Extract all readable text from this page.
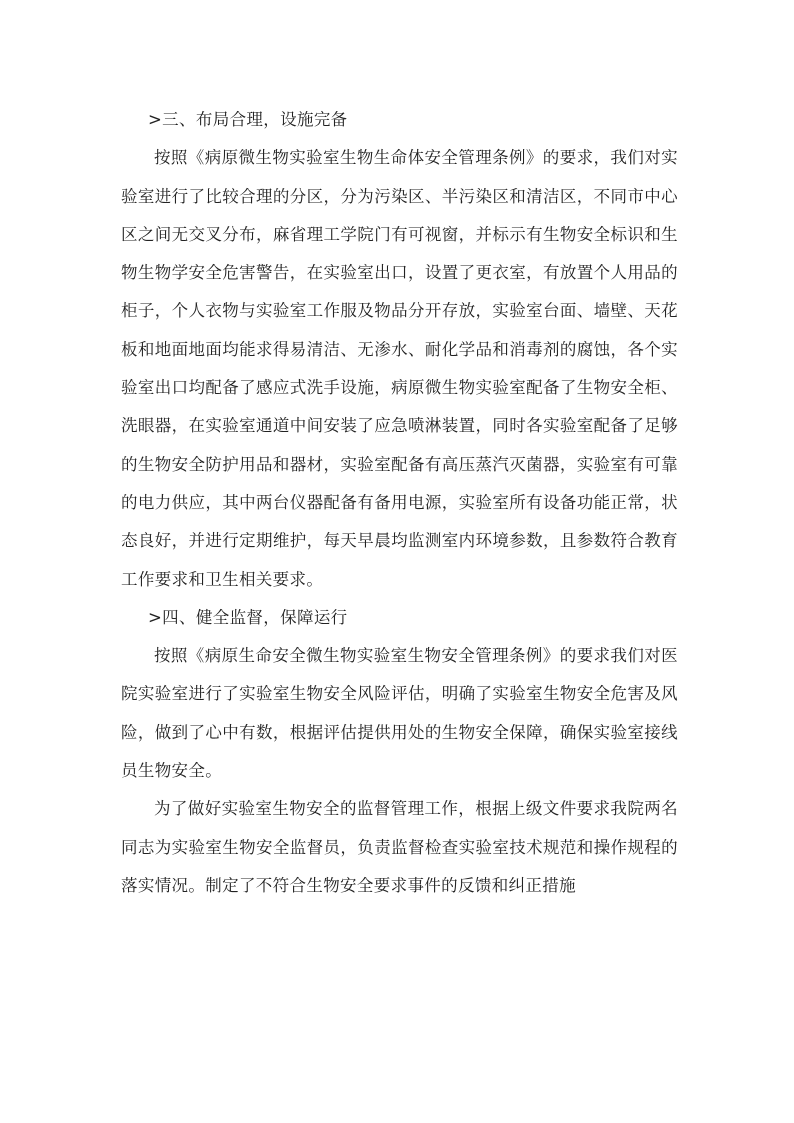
>三、布局合理，设施完备

按照《病原微生物实验室生物生命体安全管理条例》的要求，我们对实验室进行了比较合理的分区，分为污染区、半污染区和清洁区，不同市中心区之间无交叉分布，麻省理工学院门有可视窗，并标示有生物安全标识和生物生物学安全危害警告，在实验室出口，设置了更衣室，有放置个人用品的柜子，个人衣物与实验室工作服及物品分开存放，实验室台面、墙壁、天花板和地面地面均能求得易清洁、无渗水、耐化学品和消毒剂的腐蚀，各个实验室出口均配备了感应式洗手设施，病原微生物实验室配备了生物安全柜、洗眼器，在实验室通道中间安装了应急喷淋装置，同时各实验室配备了足够的生物安全防护用品和器材，实验室配备有高压蒸汽灭菌器，实验室有可靠的电力供应，其中两台仪器配备有备用电源，实验室所有设备功能正常，状态良好，并进行定期维护，每天早晨均监测室内环境参数，且参数符合教育工作要求和卫生相关要求。

>四、健全监督，保障运行

按照《病原生命安全微生物实验室生物安全管理条例》的要求我们对医院实验室进行了实验室生物安全风险评估，明确了实验室生物安全危害及风险，做到了心中有数，根据评估提供用处的生物安全保障，确保实验室接线员生物安全。

为了做好实验室生物安全的监督管理工作，根据上级文件要求我院两名同志为实验室生物安全监督员，负责监督检查实验室技术规范和操作规程的落实情况。制定了不符合生物安全要求事件的反馈和纠正措施
